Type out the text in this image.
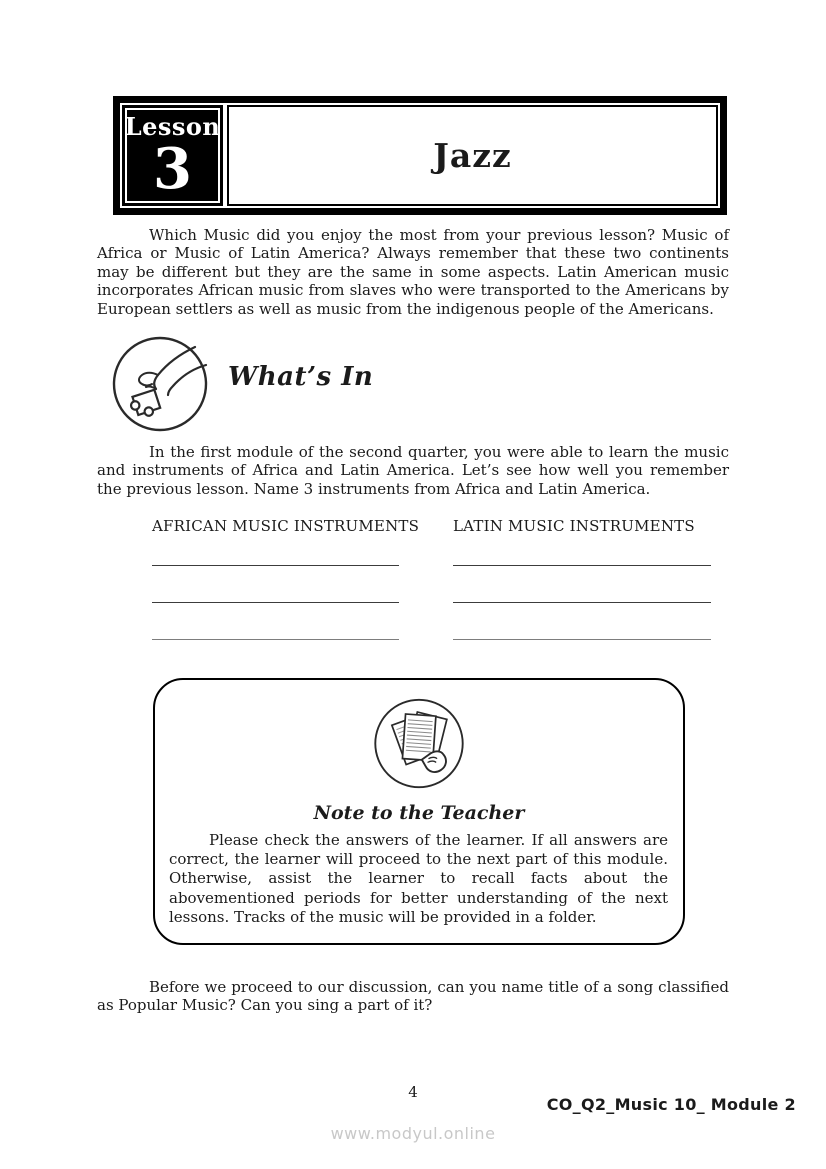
Lesson
3	Jazz

Which Music did you enjoy the most from your previous lesson? Music of Africa or Music of Latin America? Always remember that these two continents may be different but they are the same in some aspects. Latin American music incorporates African music from slaves who were transported to the Americans by European settlers as well as music from the indigenous people of the Americans.

What’s In

In the first module of the second quarter, you were able to learn the music and instruments of Africa and Latin America. Let’s see how well you remember the previous lesson. Name 3 instruments from Africa and Latin America.

AFRICAN MUSIC INSTRUMENTS LATIN MUSIC INSTRUMENTS
Note to the Teacher

Please check the answers of the learner. If all answers are correct, the learner will proceed to the next part of this module. Otherwise, assist the learner to recall facts about the abovementioned periods for better understanding of the next lessons. Tracks of the music will be provided in a folder.

Before we proceed to our discussion, can you name title of a song classified as Popular Music? Can you sing a part of it?

4
CO_Q2_Music 10_ Module 2
www.modyul.online
